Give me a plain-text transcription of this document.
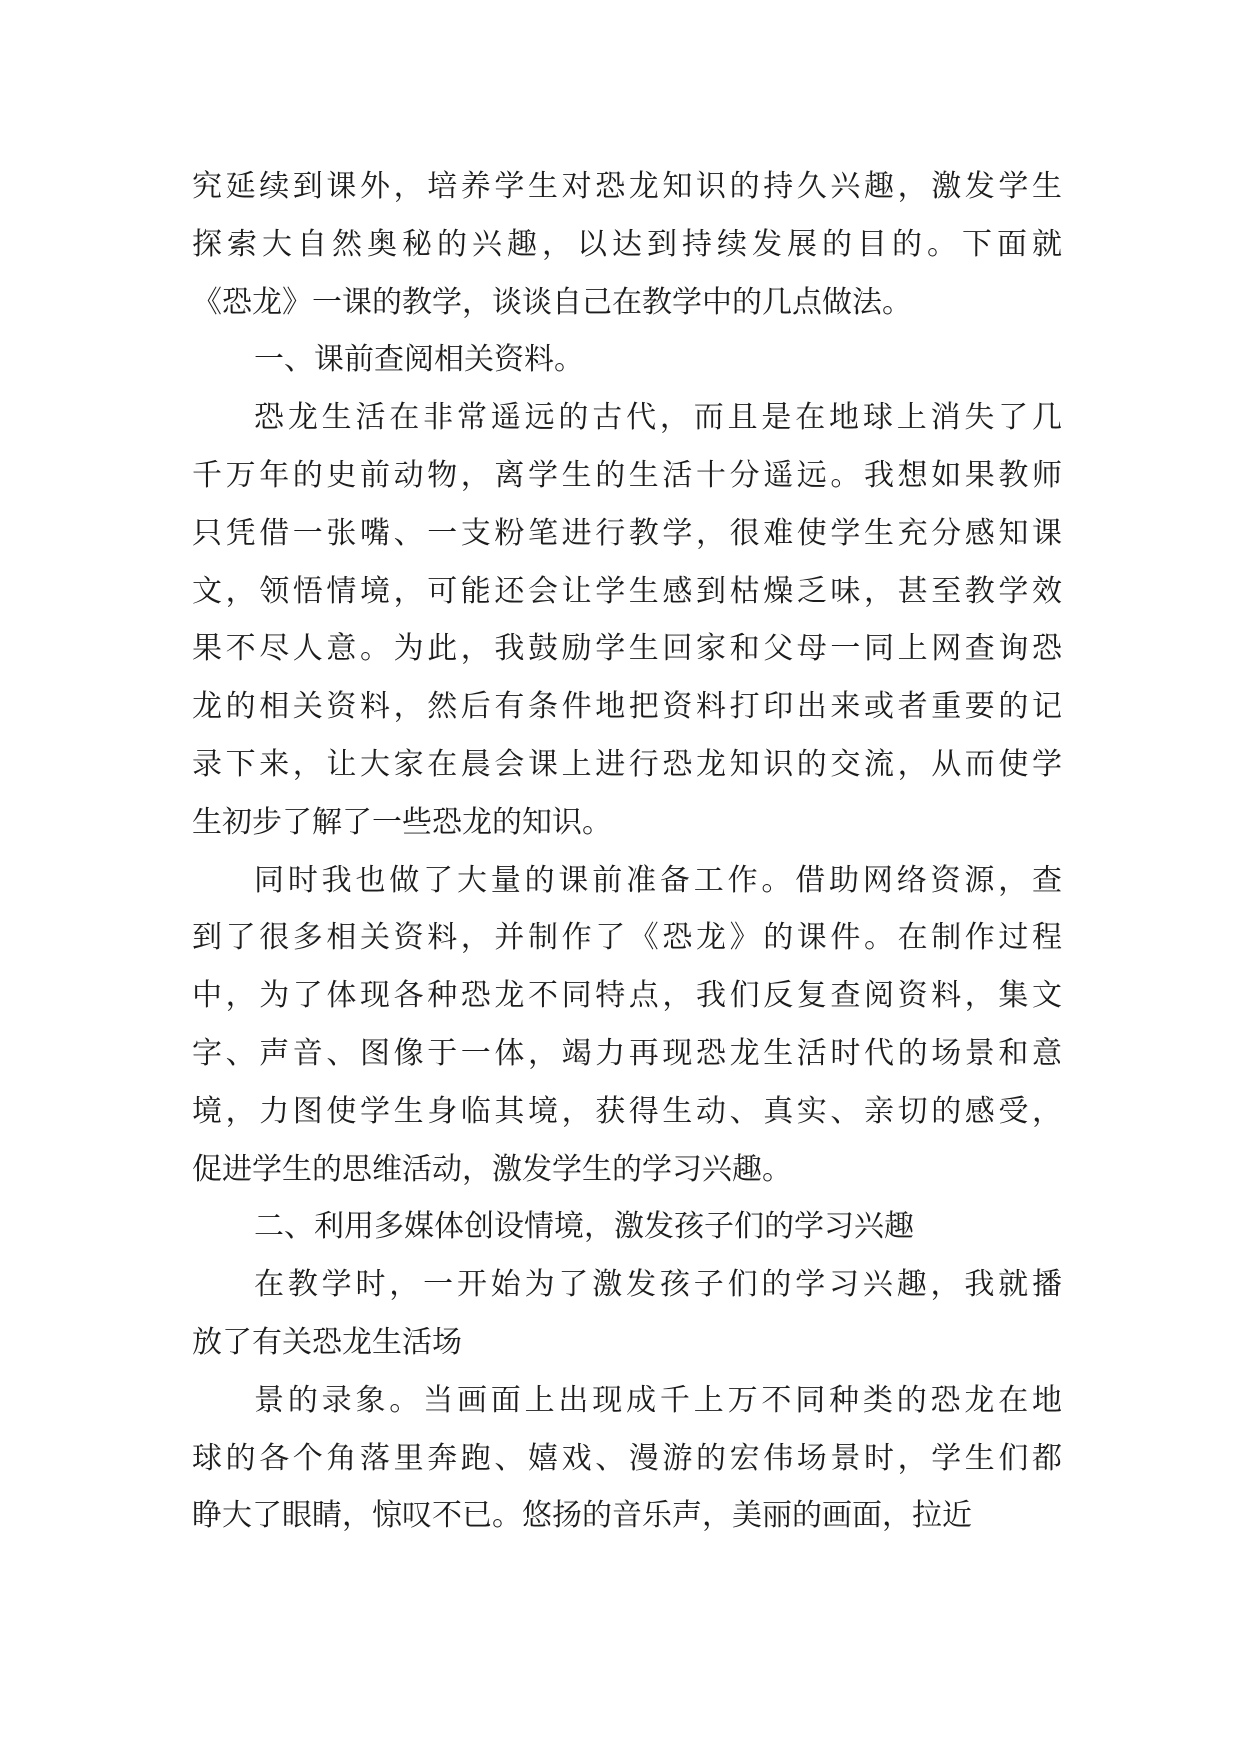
究延续到课外，培养学生对恐龙知识的持久兴趣，激发学生
探索大自然奥秘的兴趣，以达到持续发展的目的。下面就
《恐龙》一课的教学，谈谈自己在教学中的几点做法。
一、课前查阅相关资料。
恐龙生活在非常遥远的古代，而且是在地球上消失了几
千万年的史前动物，离学生的生活十分遥远。我想如果教师
只凭借一张嘴、一支粉笔进行教学，很难使学生充分感知课
文，领悟情境，可能还会让学生感到枯燥乏味，甚至教学效
果不尽人意。为此，我鼓励学生回家和父母一同上网查询恐
龙的相关资料，然后有条件地把资料打印出来或者重要的记
录下来，让大家在晨会课上进行恐龙知识的交流，从而使学
生初步了解了一些恐龙的知识。
同时我也做了大量的课前准备工作。借助网络资源，查
到了很多相关资料，并制作了《恐龙》的课件。在制作过程
中，为了体现各种恐龙不同特点，我们反复查阅资料，集文
字、声音、图像于一体，竭力再现恐龙生活时代的场景和意
境，力图使学生身临其境，获得生动、真实、亲切的感受，
促进学生的思维活动，激发学生的学习兴趣。
二、利用多媒体创设情境，激发孩子们的学习兴趣
在教学时，一开始为了激发孩子们的学习兴趣，我就播
放了有关恐龙生活场
景的录象。当画面上出现成千上万不同种类的恐龙在地
球的各个角落里奔跑、嬉戏、漫游的宏伟场景时，学生们都
睁大了眼睛，惊叹不已。悠扬的音乐声，美丽的画面，拉近
